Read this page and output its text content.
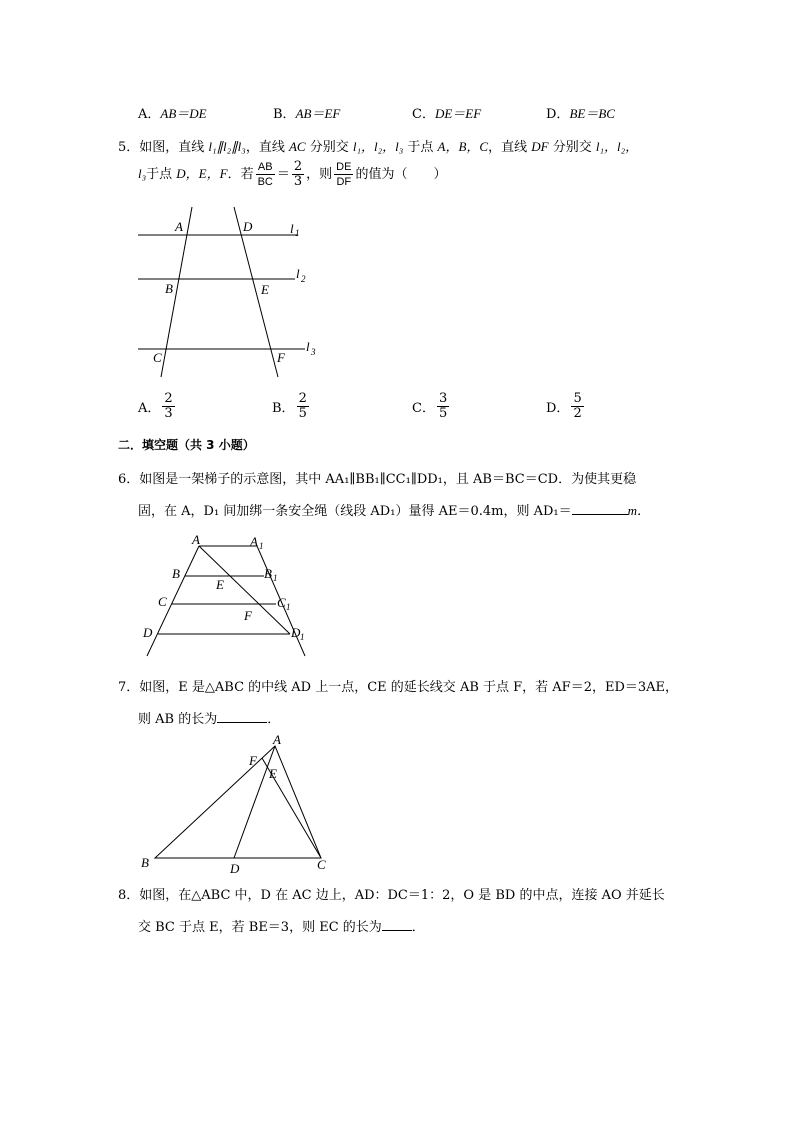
A．AB＝DE	B．AB＝EF	C．DE＝EF	D．BE＝BC
5．如图，直线 l₁∥l₂∥l₃，直线 AC 分别交 l₁，l₂，l₃ 于点 A，B，C，直线 DF 分别交 l₁，l₂，
l₃于点 D，E，F．若 $\frac{AB}{BC} = \frac{2}{3}$ ，则 $\frac{DE}{DF}$ 的值为（　　）
A	D	l 1
B	E
l 2
C	F
l 3
A． $\frac{2}{3}$	B． $\frac{2}{5}$	C． $\frac{3}{5}$	D． $\frac{5}{2}$
二．填空题（共 3 小题）
6．如图是一架梯子的示意图，其中 AA₁∥BB₁∥CC₁∥DD₁，且 AB＝BC＝CD．为使其更稳
固，在 A，D₁ 间加绑一条安全绳（线段 AD₁）量得 AE＝0.4m，则 AD₁＝	m．
A	A 1
B	B 1
E
C	C 1
F
D	D 1
7．如图，E 是△ABC 的中线 AD 上一点，CE 的延长线交 AB 于点 F，若 AF＝2，ED＝3AE，
则 AB 的长为	．
A
F
E
B	D	C
8．如图，在△ABC 中，D 在 AC 边上，AD：DC＝1：2，O 是 BD 的中点，连接 AO 并延长
交 BC 于点 E，若 BE＝3，则 EC 的长为 ．
